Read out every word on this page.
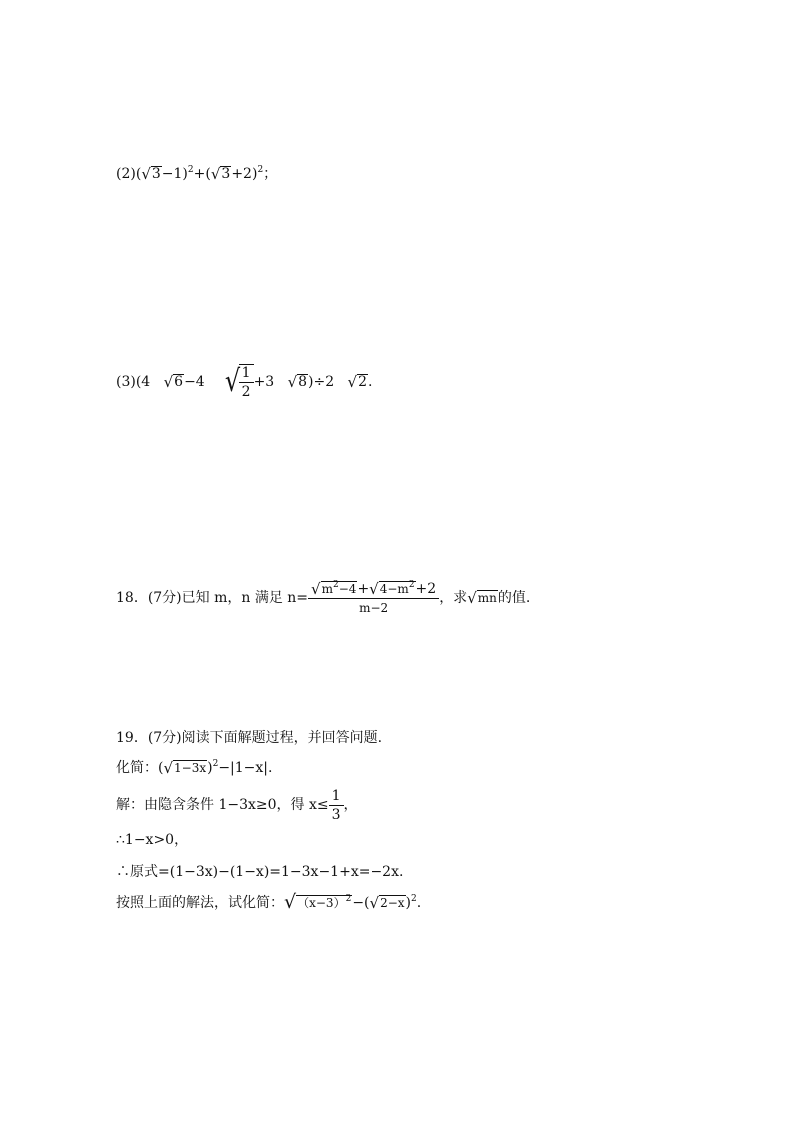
$(2)(√3-1)^2+(√3+2)^2$；
(3)(4 √6−4 √
$\frac{1}{2} +3$ √8)÷2 √2.
18．(7分)已知 m，n 满足 $n= \frac{√m^2-4+√4-m^2+2}{m-2}$ ，求√mn的值.
19．(7分)阅读下面解题过程，并回答问题.
化简：$(√1-3x)^2-|1-x|$.
解：由隐含条件 1−3x≥0，得 $x\le \frac{1}{3}$ ，
∴1−x>0，
∴原式=(1−3x)−(1−x)=1−3x−1+x=−2x.
按照上面的解法，试化简：$√(x-3)^2-(√2-x)^2$.
